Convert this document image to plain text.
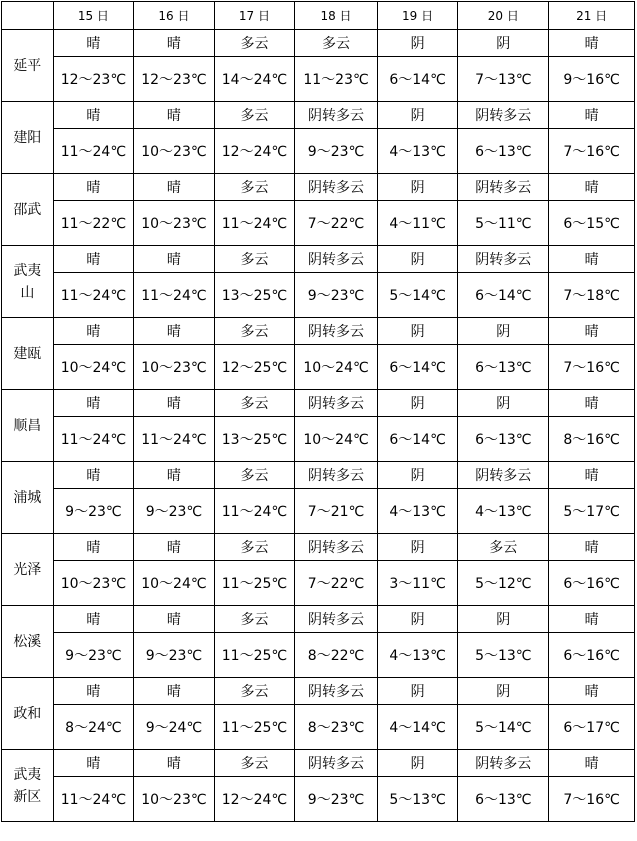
	15 日	16 日	17 日	18 日	19 日	20 日	21 日

延平	晴	晴	多云	多云	阴	阴	晴
	12～23℃	12～23℃	14～24℃	11～23℃	6～14℃	7～13℃	9～16℃

建阳	晴	晴	多云	阴转多云	阴	阴转多云	晴
	11～24℃	10～23℃	12～24℃	9～23℃	4～13℃	6～13℃	7～16℃

邵武	晴	晴	多云	阴转多云	阴	阴转多云	晴
	11～22℃	10～23℃	11～24℃	7～22℃	4～11℃	5～11℃	6～15℃

武夷
山	晴	晴	多云	阴转多云	阴	阴转多云	晴
	11～24℃	11～24℃	13～25℃	9～23℃	5～14℃	6～14℃	7～18℃

建瓯	晴	晴	多云	阴转多云	阴	阴	晴
	10～24℃	10～23℃	12～25℃	10～24℃	6～14℃	6～13℃	7～16℃

顺昌	晴	晴	多云	阴转多云	阴	阴	晴
	11～24℃	11～24℃	13～25℃	10～24℃	6～14℃	6～13℃	8～16℃

浦城	晴	晴	多云	阴转多云	阴	阴转多云	晴
	9～23℃	9～23℃	11～24℃	7～21℃	4～13℃	4～13℃	5～17℃

光泽	晴	晴	多云	阴转多云	阴	多云	晴
	10～23℃	10～24℃	11～25℃	7～22℃	3～11℃	5～12℃	6～16℃

松溪	晴	晴	多云	阴转多云	阴	阴	晴
	9～23℃	9～23℃	11～25℃	8～22℃	4～13℃	5～13℃	6～16℃

政和	晴	晴	多云	阴转多云	阴	阴	晴
	8～24℃	9～24℃	11～25℃	8～23℃	4～14℃	5～14℃	6～17℃

武夷
新区	晴	晴	多云	阴转多云	阴	阴转多云	晴
	11～24℃	10～23℃	12～24℃	9～23℃	5～13℃	6～13℃	7～16℃
